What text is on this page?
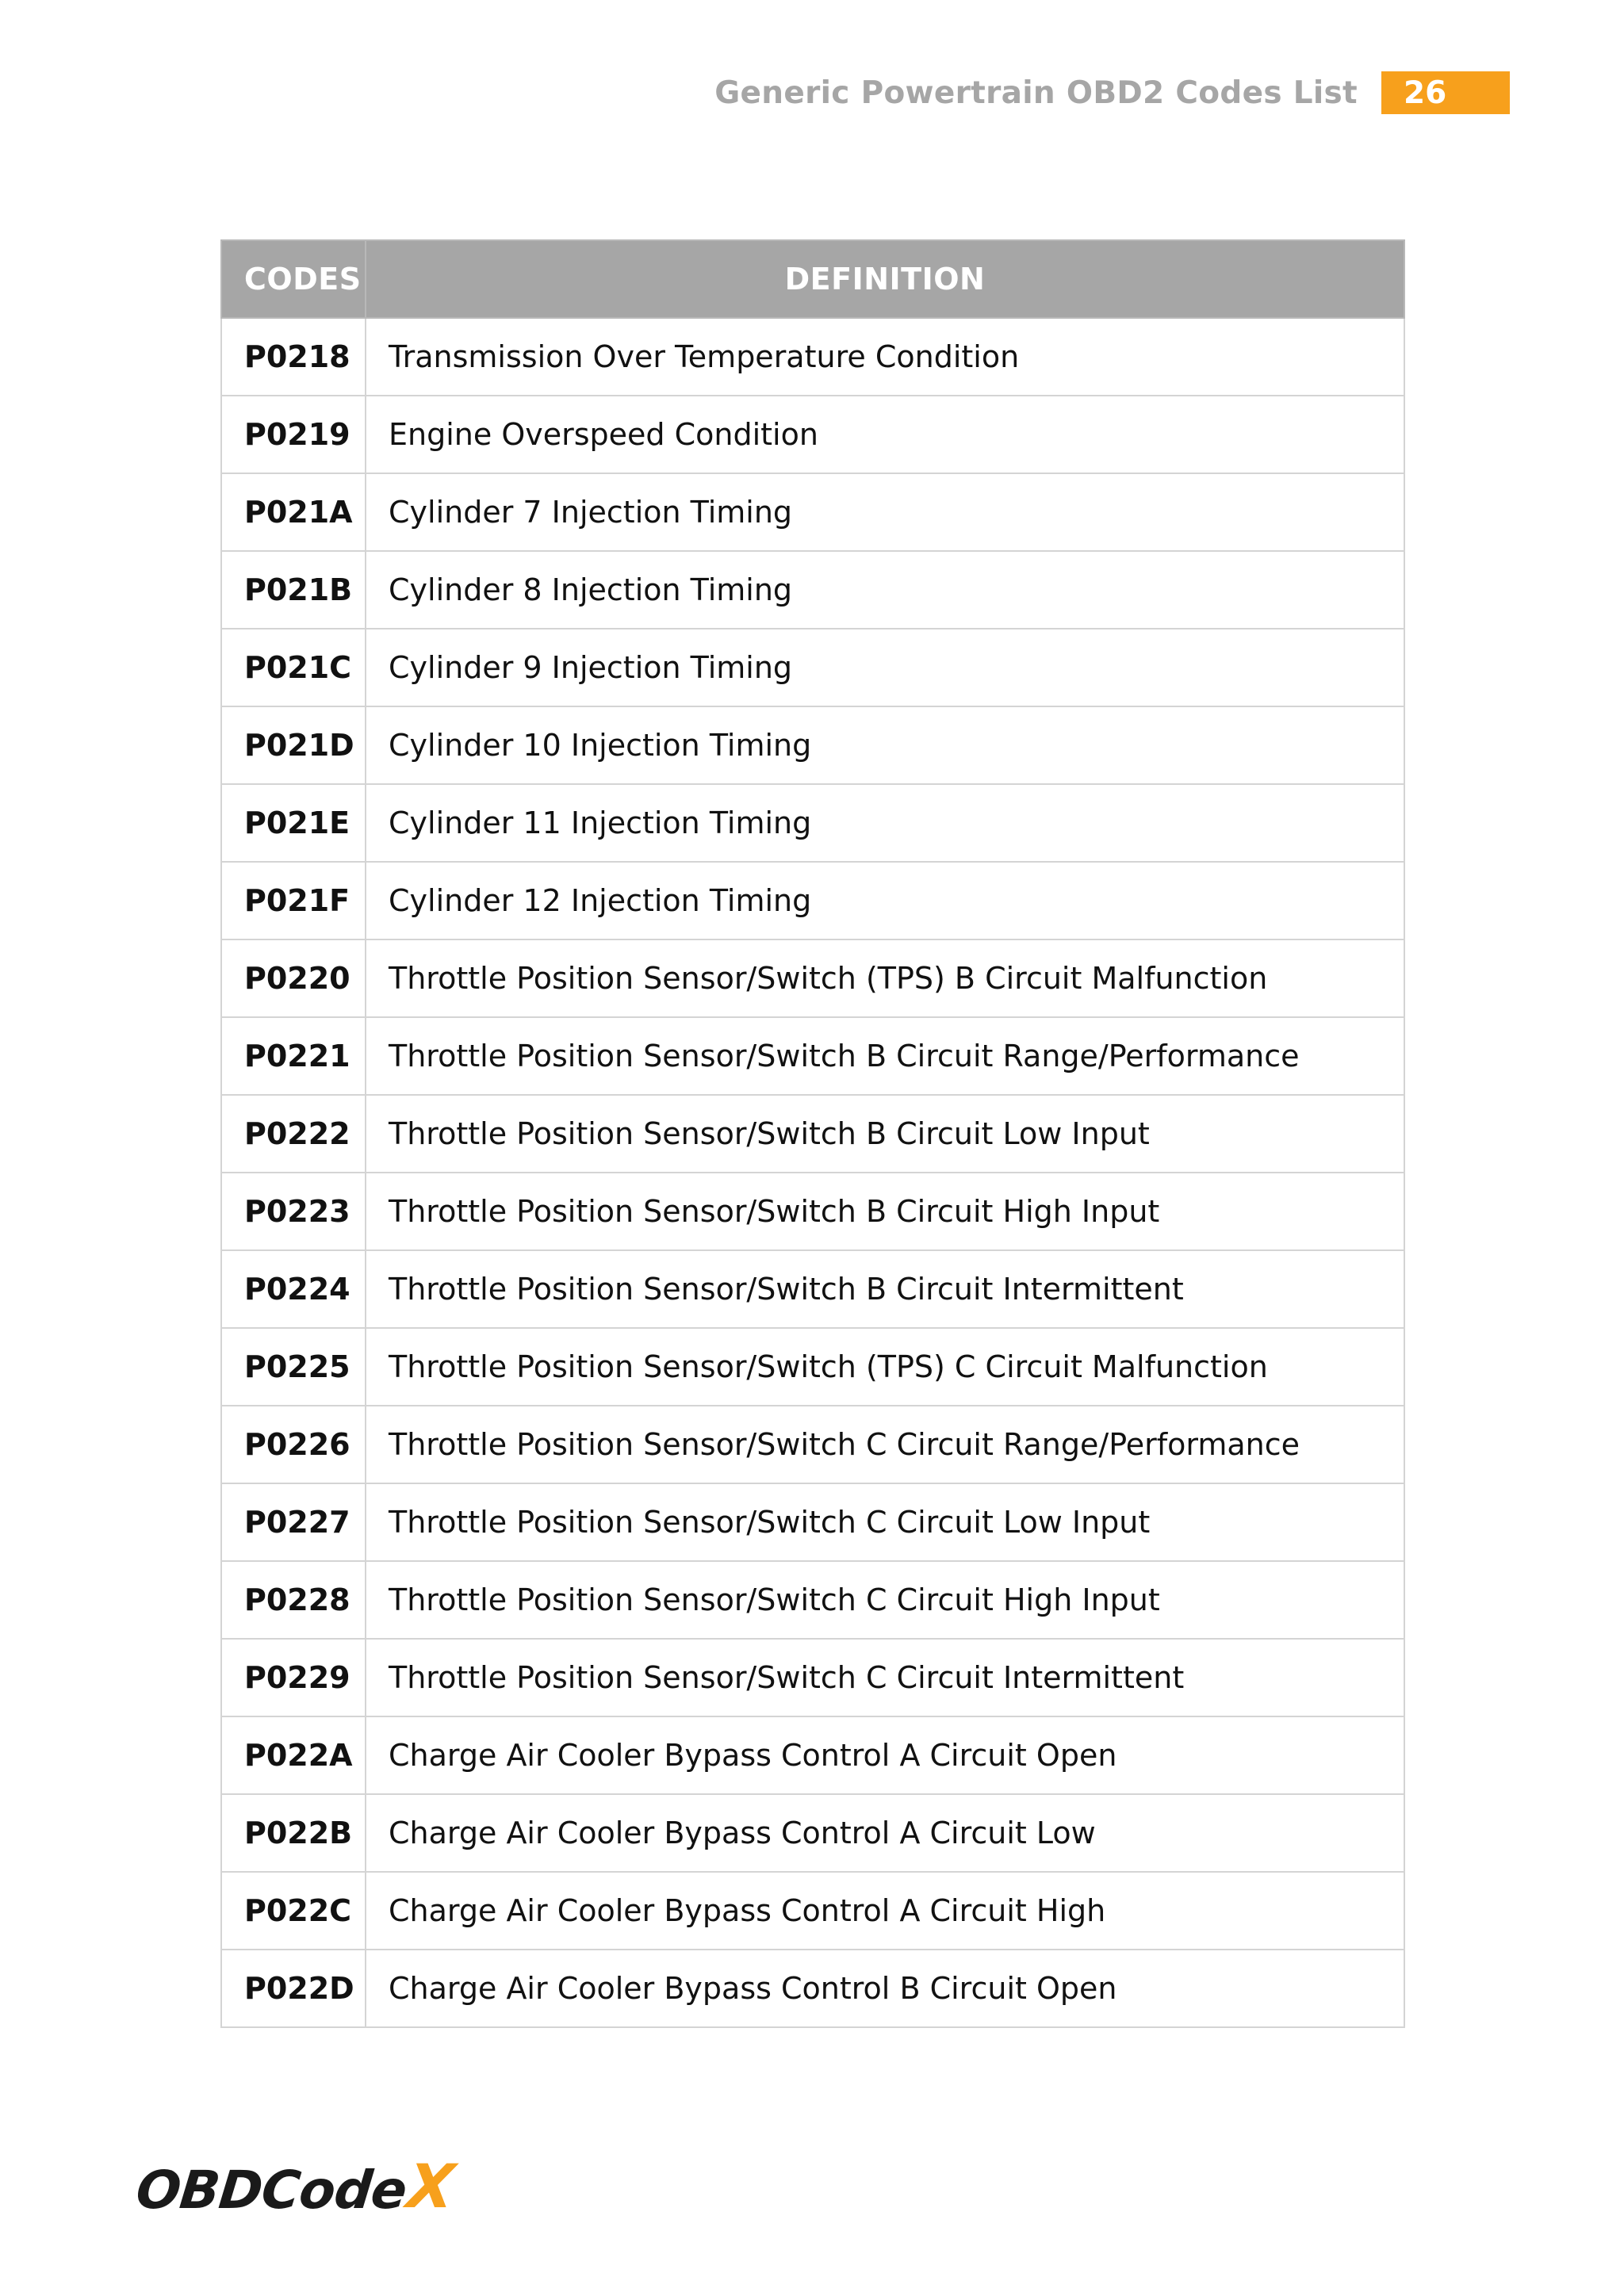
Generic Powertrain OBD2 Codes List	26
CODES	DEFINITION
P0218	Transmission Over Temperature Condition
P0219	Engine Overspeed Condition
P021A	Cylinder 7 Injection Timing
P021B	Cylinder 8 Injection Timing
P021C	Cylinder 9 Injection Timing
P021D	Cylinder 10 Injection Timing
P021E	Cylinder 11 Injection Timing
P021F	Cylinder 12 Injection Timing
P0220	Throttle Position Sensor/Switch (TPS) B Circuit Malfunction
P0221	Throttle Position Sensor/Switch B Circuit Range/Performance
P0222	Throttle Position Sensor/Switch B Circuit Low Input
P0223	Throttle Position Sensor/Switch B Circuit High Input
P0224	Throttle Position Sensor/Switch B Circuit Intermittent
P0225	Throttle Position Sensor/Switch (TPS) C Circuit Malfunction
P0226	Throttle Position Sensor/Switch C Circuit Range/Performance
P0227	Throttle Position Sensor/Switch C Circuit Low Input
P0228	Throttle Position Sensor/Switch C Circuit High Input
P0229	Throttle Position Sensor/Switch C Circuit Intermittent
P022A	Charge Air Cooler Bypass Control A Circuit Open
P022B	Charge Air Cooler Bypass Control A Circuit Low
P022C	Charge Air Cooler Bypass Control A Circuit High
P022D	Charge Air Cooler Bypass Control B Circuit Open
OBDCode
X
